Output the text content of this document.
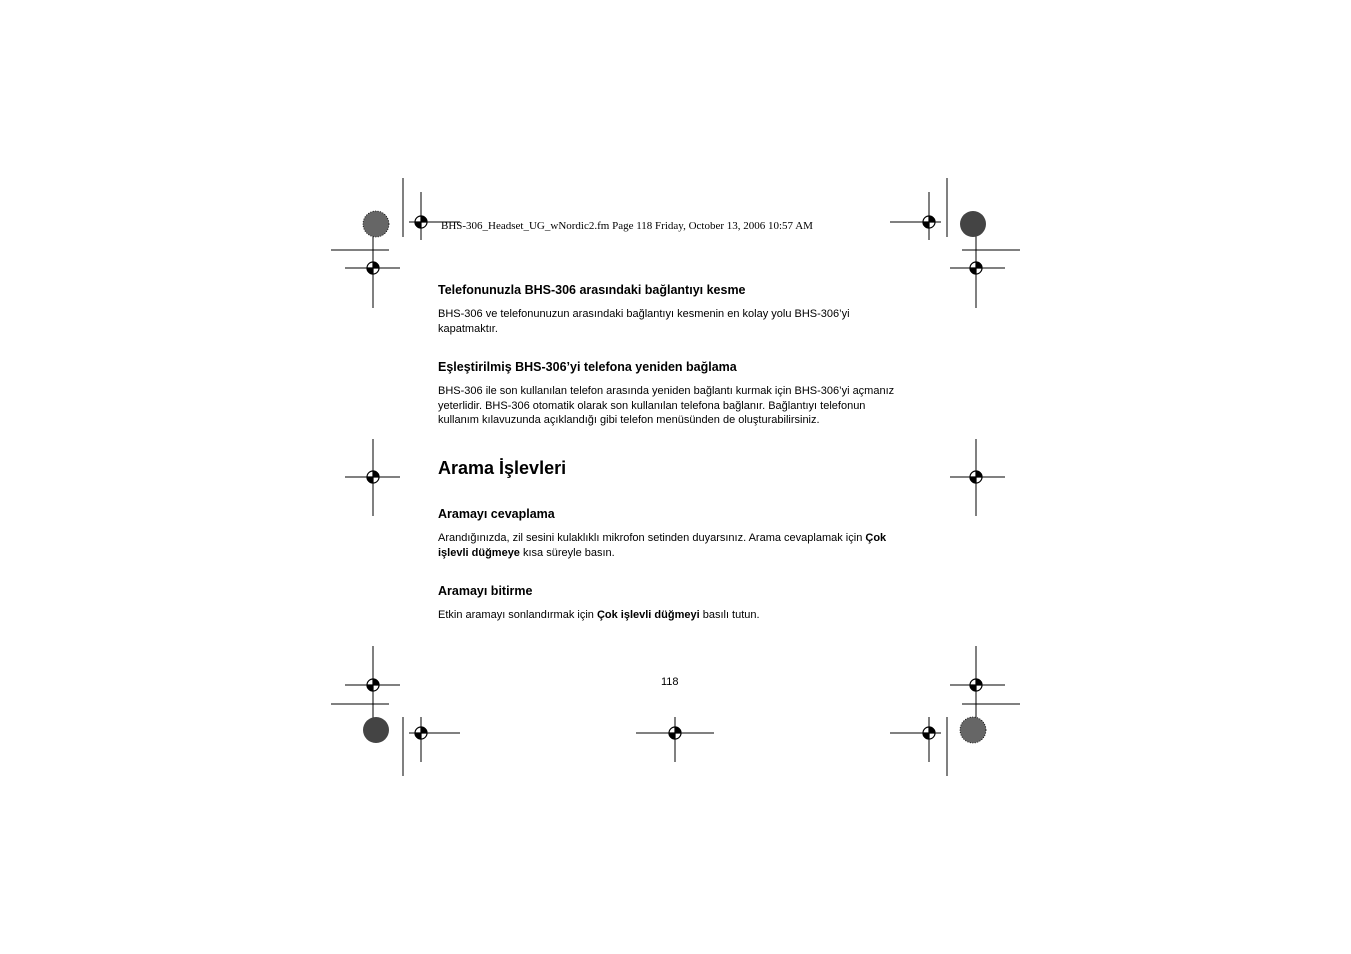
BHS-306_Headset_UG_wNordic2.fm Page 118 Friday, October 13, 2006 10:57 AM
Telefonunuzla BHS-306 arasındaki bağlantıyı kesme
BHS-306 ve telefonunuzun arasındaki bağlantıyı kesmenin en kolay yolu BHS-306’yi kapatmaktır.
Eşleştirilmiş BHS-306’yi telefona yeniden bağlama
BHS-306 ile son kullanılan telefon arasında yeniden bağlantı kurmak için BHS-306’yi açmanız yeterlidir. BHS-306 otomatik olarak son kullanılan telefona bağlanır. Bağlantıyı telefonun kullanım kılavuzunda açıklandığı gibi telefon menüsünden de oluşturabilirsiniz.
Arama İşlevleri
Aramayı cevaplama
Arandığınızda, zil sesini kulaklıklı mikrofon setinden duyarsınız. Arama cevaplamak için Çok işlevli düğmeye kısa süreyle basın.
Aramayı bitirme
Etkin aramayı sonlandırmak için Çok işlevli düğmeyi basılı tutun.
118
